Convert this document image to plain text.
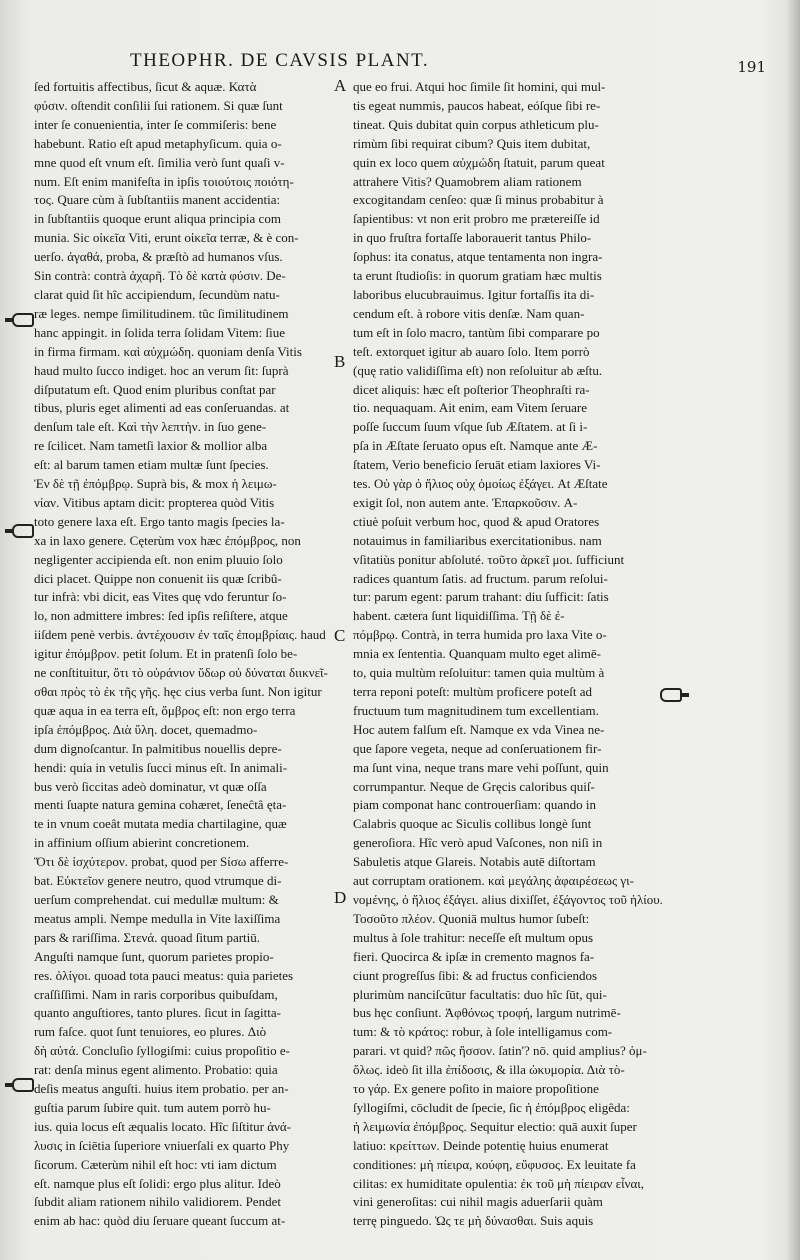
THEOPHR. DE CAVSIS PLANT.	191
ſed fortuitis affectibus, ſicut & aquæ. Κατὰ
φύσιν. oſtendit conſilii ſui rationem. Si quæ ſunt
inter ſe conuenientia, inter ſe commiſeris: bene
habebunt. Ratio eſt apud metaphyſicum. quia o-
mne quod eſt vnum eſt. ſimilia verò ſunt quaſi v-
num. Eſt enim manifeſta in ipſis τοιούτοις ποιότη-
τος. Quare cùm à ſubſtantiis manent accidentia:
in ſubſtantiis quoque erunt aliqua principia com
munia. Sic οἰκεῖα Viti, erunt οἰκεῖα terræ, & è con-
uerſo. ἀγαθά, proba, & præſtò ad humanos vſus.
Sin contrà: contrà ἀχαρῆ. Τὸ δὲ κατὰ φύσιν. De-
clarat quid ſit hîc accipiendum, ſecundùm natu-
ræ leges. nempe ſimilitudinem. tûc ſimilitudinem
hanc appingit. in ſolida terra ſolidam Vitem: ſiue
in firma firmam. καὶ αὐχμώδη. quoniam denſa Vitis
haud multo ſucco indiget. hoc an verum ſit: ſuprà
diſputatum eſt. Quod enim pluribus conſtat par
tibus, pluris eget alimenti ad eas conſeruandas. at
denſum tale eſt. Καὶ τὴν λεπτὴν. in ſuo gene-
re ſcilicet. Nam tametſi laxior & mollior alba
eſt: al barum tamen etiam multæ ſunt ſpecies.
Ἐν δὲ τῇ ἐπόμβρῳ. Suprà bis, & mox ἡ λειμω-
νίαν. Vitibus aptam dicit: propterea quòd Vitis
toto genere laxa eſt. Ergo tanto magis ſpecies la-
xa in laxo genere. Cęterùm vox hæc ἐπόμβρος, non
negligenter accipienda eſt. non enim pluuio ſolo
dici placet. Quippe non conuenit iis quæ ſcribû-
tur infrà: vbi dicit, eas Vites quę vdo feruntur ſo-
lo, non admittere imbres: ſed ipſis reſiſtere, atque
iiſdem penè verbis. ἀντέχουσιν ἐν ταῖς ἐπομβρίαις. haud
igitur ἐπόμβρον. petit ſolum. Et in pratenſi ſolo be-
ne conſtituitur, ὅτι τὸ οὐράνιον ὕδωρ οὐ δύναται διικνεῖ-
σθαι πρὸς τὸ ἐκ τῆς γῆς. hęc cius verba ſunt. Non igitur
quæ aqua in ea terra eſt, ὄμβρος eſt: non ergo terra
ipſa ἐπόμβρος. Διὰ ὕλη. docet, quemadmo-
dum dignoſcantur. In palmitibus nouellis depre-
hendi: quia in vetulis ſucci minus eſt. In animali-
bus verò ſiccitas adeò dominatur, vt quæ oſſa
menti ſuapte natura gemina cohæret, ſeneĉtâ ęta-
te in vnum coeât mutata media chartilagine, quæ
in affinium oſſium abierint concretionem.
Ὅτι δὲ ἰσχύτερον. probat, quod per Sίσω afferre-
bat. Εὐκτεῖον genere neutro, quod vtrumque di-
uerſum comprehendat. cui medullæ multum: &
meatus ampli. Nempe medulla in Vite laxiſſima
pars & rariſſima. Στενά. quoad ſitum partiū.
Anguſti namque ſunt, quorum parietes propio-
res. ὀλίγοι. quoad tota pauci meatus: quia parietes
craſſiſſimi. Nam in raris corporibus quibuſdam,
quanto anguſtiores, tanto plures. ſicut in ſagitta-
rum faſce. quot ſunt tenuiores, eo plures. Διὸ
δὴ αὐτά. Concluſio ſyllogiſmi: cuius propoſitio e-
rat: denſa minus egent alimento. Probatio: quia
deſis meatus anguſti. huius item probatio. per an-
guſtia parum ſubire quit. tum autem porrò hu-
ius. quia locus eſt æqualis locato. Hîc ſiſtitur ἀνά-
λυσις in ſciētia ſuperiore vniuerſali ex quarto Phy
ſicorum. Cæterùm nihil eſt hoc: vti iam dictum
eſt. namque plus eſt ſolidi: ergo plus alitur. Ideò
ſubdit aliam rationem nihilo validiorem. Pendet
enim ab hac: quòd diu ſeruare queant ſuccum at-
que eo frui. Atqui hoc ſimile ſit homini, qui mul-
tis egeat nummis, paucos habeat, eóſque ſibi re-
tineat. Quis dubitat quin corpus athleticum plu-
rimùm ſibi requirat cibum? Quis item dubitat,
quin ex loco quem αὐχμώδη ſtatuit, parum queat
attrahere Vitis? Quamobrem aliam rationem
excogitandam cenſeo: quæ ſi minus probabitur à
ſapientibus: vt non erit probro me prætereiſſe id
in quo fruſtra fortaſſe laborauerit tantus Philo-
ſophus: ita conatus, atque tentamenta non ingra-
ta erunt ſtudioſis: in quorum gratiam hæc multis
laboribus elucubrauimus. Igitur fortaſſis ita di-
cendum eſt. à robore vitis denſæ. Nam quan-
tum eſt in ſolo macro, tantùm ſibi comparare po
teſt. extorquet igitur ab auaro ſolo. Item porrò
(quę ratio validiſſima eſt) non reſoluitur ab æſtu.
dicet aliquis: hæc eſt poſterior Theophraſti ra-
tio. nequaquam. Ait enim, eam Vitem ſeruare
poſſe ſuccum ſuum vſque ſub Æſtatem. at ſi i-
pſa in Æſtate ſeruato opus eſt. Namque ante Æ-
ſtatem, Verio beneficio ſeruāt etiam laxiores Vi-
tes. Οὐ γὰρ ὁ ἥλιος οὐχ ὁμοίως ἐξάγει. At Æſtate
exigit ſol, non autem ante. Ἐπαρκοῦσιν. A-
ctiuè poſuit verbum hoc, quod & apud Oratores
notauimus in familiaribus exercitationibus. nam
vſitatiùs ponitur abſoluté. τοῦτο ἀρκεῖ μοι. ſufficiunt
radices quantum ſatis. ad fructum. parum reſolui-
tur: parum egent: parum trahant: diu ſufficit: ſatis
habent. cætera ſunt liquidiſſima. Τῇ δὲ ἐ-
πόμβρῳ. Contrà, in terra humida pro laxa Vite o-
mnia ex ſententia. Quanquam multo eget alimē-
to, quia multùm reſoluitur: tamen quia multùm à
terra reponi poteſt: multùm proficere poteſt ad
fructuum tum magnitudinem tum excellentiam.
Hoc autem falſum eſt. Namque ex vda Vinea ne-
que ſapore vegeta, neque ad conſeruationem fir-
ma ſunt vina, neque trans mare vehi poſſunt, quin
corrumpantur. Neque de Gręcis caloribus quiſ-
piam componat hanc controuerſiam: quando in
Calabris quoque ac Siculis collibus longè ſunt
generoſiora. Hîc verò apud Vaſcones, non niſi in
Sabuletis atque Glareis. Notabis autē diſtortam
aut corruptam orationem. καὶ μεγάλης ἀφαιρέσεως γι-
νομένης, ὁ ἥλιος ἐξάγει. alius dixiſſet, ἐξάγοντος τοῦ ἡλίου.
Τοσοῦτο πλέον. Quoniā multus humor ſubeſt:
multus à ſole trahitur: neceſſe eſt multum opus
fieri. Quocirca & ipſæ in cremento magnos fa-
ciunt progreſſus ſibi: & ad fructus conficiendos
plurimùm nanciſcūtur facultatis: duo hîc ſūt, qui-
bus hęc conſiunt. Ἀφθόνως τροφή, largum nutrimē-
tum: & τὸ κράτος: robur, à ſole intelligamus com-
parari. vt quid? πῶς ἥσσον. ſatin'? nō. quid amplius? ὁμ-
ὅλως. ideò ſit illa ἐπίδοσις, & illa ὠκυμορία. Διὰ τὸ-
το γάρ. Ex genere poſito in maiore propoſitione
ſyllogiſmi, cōcludit de ſpecie, ſic ἡ ἐπόμβρος eligêda:
ἡ λειμωνία ἐπόμβρος. Sequitur electio: quā auxit ſuper
latiuo: κρείττων. Deinde potentię huius enumerat
conditiones: μὴ πίειρα, κούφη, εὔφυσος. Ex leuitate fa
cilitas: ex humiditate opulentia: ἐκ τοῦ μὴ πίειραν εἶναι,
vini generoſitas: cui nihil magis aduerſarii quàm
terrę pinguedo. Ὡς τε μὴ δύνασθαι. Suis aquis
A
B
C
D
